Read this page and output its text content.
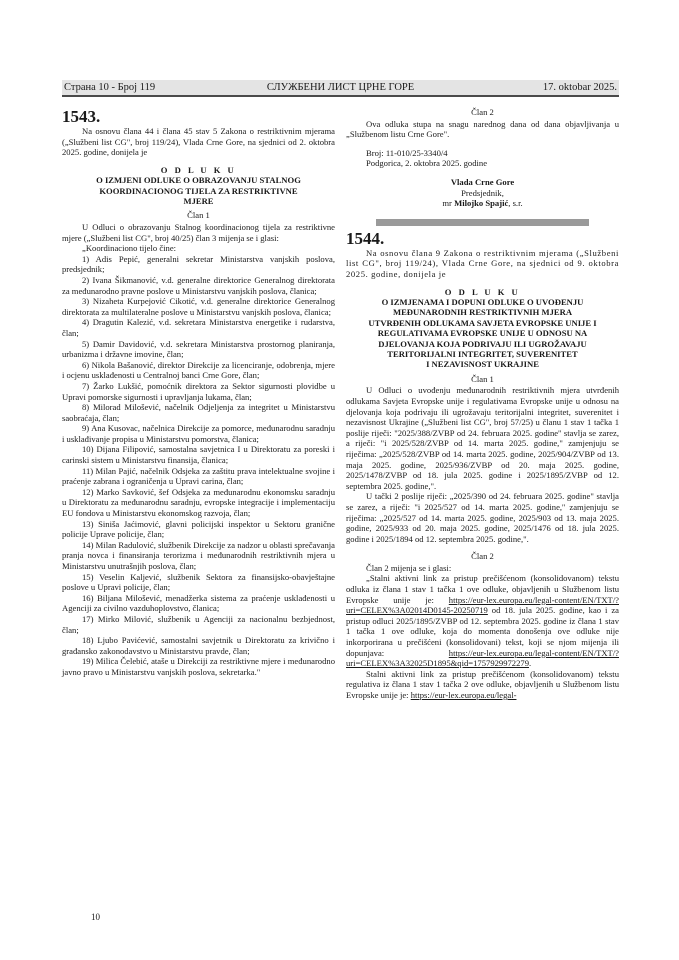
Страна 10 - Број 119	СЛУЖБЕНИ ЛИСТ ЦРНЕ ГОРЕ	17. oktobar 2025.
1543.

Na osnovu člana 44 i člana 45 stav 5 Zakona o restriktivnim mjerama („Službeni list CG", broj 119/24), Vlada Crne Gore, na sjednici od 2. oktobra 2025. godine, donijela je

O D L U K U
O IZMJENI ODLUKE O OBRAZOVANJU STALNOG
KOORDINACIONOG TIJELA ZA RESTRIKTIVNE
MJERE
Član 1

U Odluci o obrazovanju Stalnog koordinacionog tijela za restriktivne mjere („Službeni list CG", broj 40/25) član 3 mijenja se i glasi:

„Koordinaciono tijelo čine:

1) Adis Pepić, generalni sekretar Ministarstva vanjskih poslova, predsjednik;

2) Ivana Šikmanović, v.d. generalne direktorice Generalnog direktorata za međunarodno pravne poslove u Ministarstvu vanjskih poslova, članica;

3) Nizaheta Kurpejović Cikotić, v.d. generalne direktorice Generalnog direktorata za multilateralne poslove u Ministarstvu vanjskih poslova, članica;

4) Dragutin Kalezić, v.d. sekretara Ministarstva energetike i rudarstva, član;

5) Damir Davidović, v.d. sekretara Ministarstva prostornog planiranja, urbanizma i državne imovine, član;

6) Nikola Bašanović, direktor Direkcije za licenciranje, odobrenja, mjere i ocjenu usklađenosti u Centralnoj banci Crne Gore, član;

7) Žarko Lukšić, pomoćnik direktora za Sektor sigurnosti plovidbe u Upravi pomorske sigurnosti i upravljanja lukama, član;

8) Milorad Milošević, načelnik Odjeljenja za integritet u Ministarstvu saobraćaja, član;

9) Ana Kusovac, načelnica Direkcije za pomorce, međunarodnu saradnju i usklađivanje propisa u Ministarstvu pomorstva, članica;

10) Dijana Filipović, samostalna savjetnica I u Direktoratu za poreski i carinski sistem u Ministarstvu finansija, članica;

11) Milan Pajić, načelnik Odsjeka za zaštitu prava intelektualne svojine i praćenje zabrana i ograničenja u Upravi carina, član;

12) Marko Savković, šef Odsjeka za međunarodnu ekonomsku saradnju u Direktoratu za međunarodnu saradnju, evropske integracije i implementaciju EU fondova u Ministarstvu ekonomskog razvoja, član;

13) Siniša Jaćimović, glavni policijski inspektor u Sektoru granične policije Uprave policije, član;

14) Milan Radulović, službenik Direkcije za nadzor u oblasti sprečavanja pranja novca i finansiranja terorizma i međunarodnih restriktivnih mjera u Ministarstvu unutrašnjih poslova, član;

15) Veselin Kaljević, službenik Sektora za finansijsko-obavještajne poslove u Upravi policije, član;

16) Biljana Milošević, menadžerka sistema za praćenje usklađenosti u Agenciji za civilno vazduhoplovstvo, članica;

17) Mirko Milović, službenik u Agenciji za nacionalnu bezbjednost, član;

18) Ljubo Pavićević, samostalni savjetnik u Direktoratu za krivično i građansko zakonodavstvo u Ministarstvu pravde, član;

19) Milica Čelebić, ataše u Direkciji za restriktivne mjere i međunarodno javno pravo u Ministarstvu vanjskih poslova, sekretarka."

Član 2

Ova odluka stupa na snagu narednog dana od dana objavljivanja u „Službenom listu Crne Gore".

Broj: 11-010/25-3340/4
Podgorica, 2. oktobra 2025. godine
Vlada Crne Gore
Predsjednik,
mr Milojko Spajić, s.r.
1544.

Na osnovu člana 9 Zakona o restriktivnim mjerama („Službeni list CG", broj 119/24), Vlada Crne Gore, na sjednici od 9. oktobra 2025. godine, donijela je

O D L U K U
O IZMJENAMA I DOPUNI ODLUKE O UVOĐENJU
MEĐUNARODNIH RESTRIKTIVNIH MJERA
UTVRĐENIH ODLUKAMA SAVJETA EVROPSKE UNIJE I
REGULATIVAMA EVROPSKE UNIJE U ODNOSU NA
DJELOVANJA KOJA PODRIVAJU ILI UGROŽAVAJU
TERITORIJALNI INTEGRITET, SUVERENITET
I NEZAVISNOST UKRAJINE
Član 1

U Odluci o uvođenju međunarodnih restriktivnih mjera utvrđenih odlukama Savjeta Evropske unije i regulativama Evropske unije u odnosu na djelovanja koja podrivaju ili ugrožavaju teritorijalni integritet, suverenitet i nezavisnost Ukrajine („Službeni list CG", broj 57/25) u članu 1 stav 1 tačka 1 poslije riječi: "2025/388/ZVBP od 24. februara 2025. godine'' stavlja se zarez, a riječi: "i 2025/528/ZVBP od 14. marta 2025. godine," zamjenjuju se riječima: „2025/528/ZVBP od 14. marta 2025. godine, 2025/904/ZVBP od 13. maja 2025. godine, 2025/936/ZVBP od 20. maja 2025. godine, 2025/1478/ZVBP od 18. jula 2025. godine i 2025/1895/ZVBP od 12. septembra 2025. godine,".

U tački 2 poslije riječi: „2025/390 od 24. februara 2025. godine" stavlja se zarez, a riječi: "i 2025/527 od 14. marta 2025. godine,'' zamjenjuju se riječima: „2025/527 od 14. marta 2025. godine, 2025/903 od 13. maja 2025. godine, 2025/933 od 20. maja 2025. godine, 2025/1476 od 18. jula 2025. godine i 2025/1894 od 12. septembra 2025. godine,".

Član 2

Član 2 mijenja se i glasi:

„Stalni aktivni link za pristup prečišćenom (konsolidovanom) tekstu odluka iz člana 1 stav 1 tačka 1 ove odluke, objavljenih u Službenom listu Evropske unije je: https://eur-lex.europa.eu/legal-content/EN/TXT/?uri=CELEX%3A02014D0145-20250719 od 18. jula 2025. godine, kao i za pristup odluci 2025/1895/ZVBP od 12. septembra 2025. godine iz člana 1 stav 1 tačka 1 ove odluke, koja do momenta donošenja ove odluke nije inkorporirana u prečišćeni (konsolidovani) tekst, koji se njom mijenja ili dopunjava: https://eur-lex.europa.eu/legal-content/EN/TXT/?uri=CELEX%3A32025D1895&qid=1757929972279.

Stalni aktivni link za pristup prečišćenom (konsolidovanom) tekstu regulativa iz člana 1 stav 1 tačka 2 ove odluke, objavljenih u Službenom listu Evropske unije je: https://eur-lex.europa.eu/legal-

10
